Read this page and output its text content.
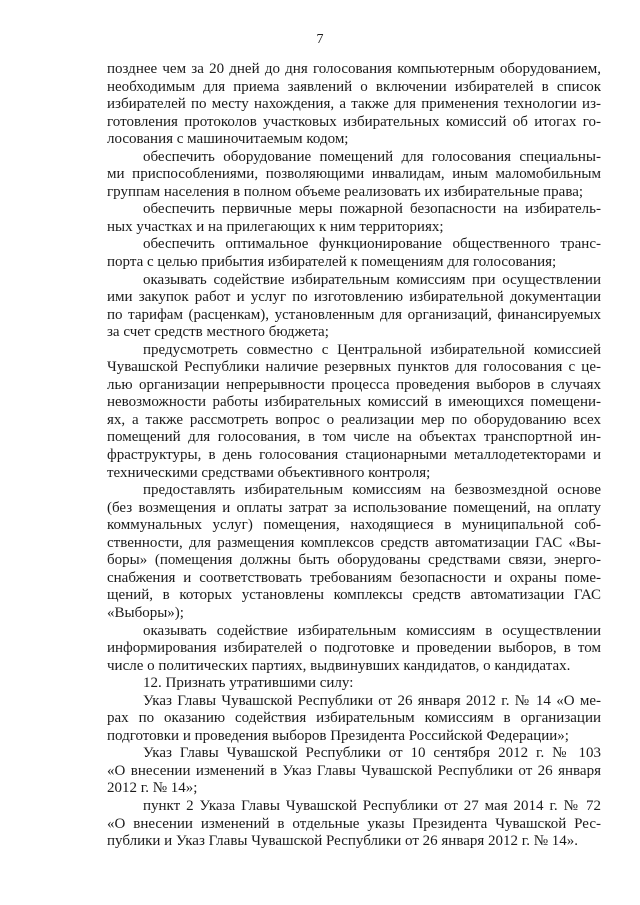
7
позднее чем за 20 дней до дня голосования компьютерным оборудованием,
необходимым для приема заявлений о включении избирателей в список
избирателей по месту нахождения, а также для применения технологии из-
готовления протоколов участковых избирательных комиссий об итогах го-
лосования с машиночитаемым кодом;
обеспечить оборудование помещений для голосования специальны-
ми приспособлениями, позволяющими инвалидам, иным маломобильным
группам населения в полном объеме реализовать их избирательные права;
обеспечить первичные меры пожарной безопасности на избиратель-
ных участках и на прилегающих к ним территориях;
обеспечить оптимальное функционирование общественного транс-
порта с целью прибытия избирателей к помещениям для голосования;
оказывать содействие избирательным комиссиям при осуществлении
ими закупок работ и услуг по изготовлению избирательной документации
по тарифам (расценкам), установленным для организаций, финансируемых
за счет средств местного бюджета;
предусмотреть совместно с Центральной избирательной комиссией
Чувашской Республики наличие резервных пунктов для голосования с це-
лью организации непрерывности процесса проведения выборов в случаях
невозможности работы избирательных комиссий в имеющихся помещени-
ях, а также рассмотреть вопрос о реализации мер по оборудованию всех
помещений для голосования, в том числе на объектах транспортной ин-
фраструктуры, в день голосования стационарными металлодетекторами и
техническими средствами объективного контроля;
предоставлять избирательным комиссиям на безвозмездной основе
(без возмещения и оплаты затрат за использование помещений, на оплату
коммунальных услуг) помещения, находящиеся в муниципальной соб-
ственности, для размещения комплексов средств автоматизации ГАС «Вы-
боры» (помещения должны быть оборудованы средствами связи, энерго-
снабжения и соответствовать требованиям безопасности и охраны поме-
щений, в которых установлены комплексы средств автоматизации ГАС
«Выборы»);
оказывать содействие избирательным комиссиям в осуществлении
информирования избирателей о подготовке и проведении выборов, в том
числе о политических партиях, выдвинувших кандидатов, о кандидатах.
12. Признать утратившими силу:
Указ Главы Чувашской Республики от 26 января 2012 г. № 14 «О ме-
рах по оказанию содействия избирательным комиссиям в организации
подготовки и проведения выборов Президента Российской Федерации»;
Указ Главы Чувашской Республики от 10 сентября 2012 г. № 103
«О внесении изменений в Указ Главы Чувашской Республики от 26 января
2012 г. № 14»;
пункт 2 Указа Главы Чувашской Республики от 27 мая 2014 г. № 72
«О внесении изменений в отдельные указы Президента Чувашской Рес-
публики и Указ Главы Чувашской Республики от 26 января 2012 г. № 14».
